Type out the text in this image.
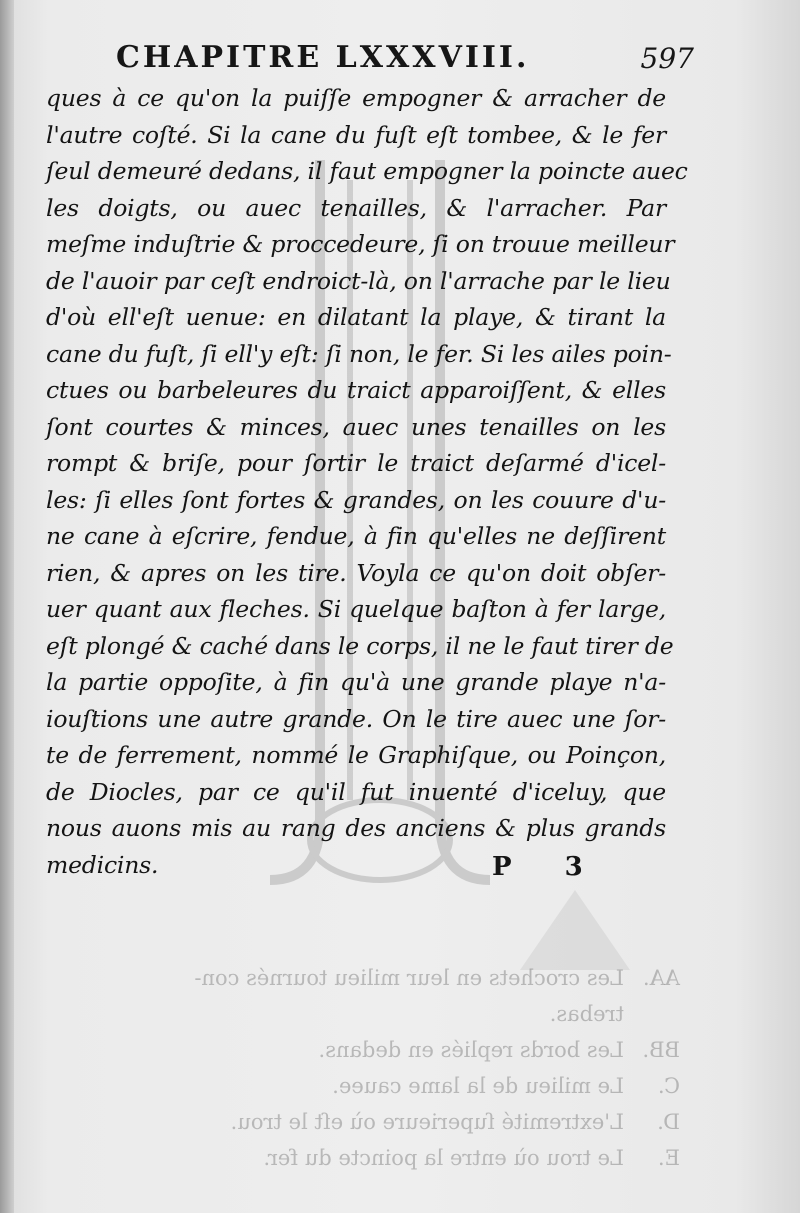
CHAPITRE LXXXVIII.	597
ques à ce qu'on la puiſſe empogner & arracher de
l'autre coſté. Si la cane du fuſt eſt tombee, & le fer
ſeul demeuré dedans, il faut empogner la poincte auec
les doigts, ou auec tenailles, & l'arracher. Par
meſme induſtrie & proccedeure, ſi on trouue meilleur
de l'auoir par ceſt endroict-là, on l'arrache par le lieu
d'où ell'eſt uenue: en dilatant la playe, & tirant la
cane du fuſt, ſi ell'y eſt: ſi non, le fer. Si les ailes poin-
ctues ou barbeleures du traict apparoiſſent, & elles
ſont courtes & minces, auec unes tenailles on les
rompt & briſe, pour ſortir le traict deſarmé d'icel-
les: ſi elles ſont fortes & grandes, on les couure d'u-
ne cane à eſcrire, fendue, à fin qu'elles ne deſſirent
rien, & apres on les tire. Voyla ce qu'on doit obſer-
uer quant aux fleches. Si quelque baſton à fer large,
eſt plongé & caché dans le corps, il ne le faut tirer de
la partie oppoſite, à fin qu'à une grande playe n'a-
iouſtions une autre grande. On le tire auec une ſor-
te de ferrement, nommé le Graphiſque, ou Poinçon,
de Diocles, par ce qu'il fut inuenté d'iceluy, que
nous auons mis au rang des anciens & plus grands
medicins.	P 3
AA.Les crochets en leur milieu tournés con-
trebas.
BB.Les bords repliés en dedans.
C.Le milieu de la lame cauee.
D.L'extremité ſuperieure où eſt le trou.
E.Le trou où entre la poincte du fer.
